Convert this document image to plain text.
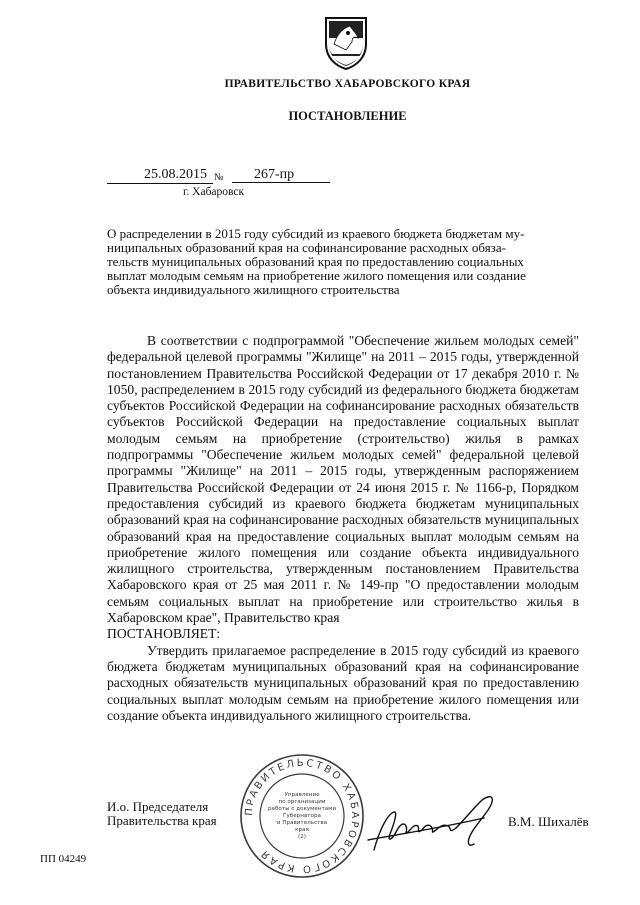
ПРАВИТЕЛЬСТВО ХАБАРОВСКОГО КРАЯ
ПОСТАНОВЛЕНИЕ
25.08.2015 №	267-пр
г. Хабаровск
О распределении в 2015 году субсидий из краевого бюджета бюджетам му-
ниципальных образований края на софинансирование расходных обяза-
тельств муниципальных образований края по предоставлению социальных
выплат молодым семьям на приобретение жилого помещения или создание
объекта индивидуального жилищного строительства

В соответствии с подпрограммой "Обеспечение жильем молодых семей" федеральной целевой программы "Жилище" на 2011 – 2015 годы, утвержденной постановлением Правительства Российской Федерации от 17 декабря 2010 г. № 1050, распределением в 2015 году субсидий из федерального бюджета бюджетам субъектов Российской Федерации на софинансирование расходных обязательств субъектов Российской Федерации на предоставление социальных выплат молодым семьям на приобретение (строительство) жилья в рамках подпрограммы "Обеспечение жильем молодых семей" федеральной целевой программы "Жилище" на 2011 – 2015 годы, утвержденным распоряжением Правительства Российской Федерации от 24 июня 2015 г. № 1166-р, Порядком предоставления субсидий из краевого бюджета бюджетам муниципальных образований края на софинансирование расходных обязательств муниципальных образований края на предоставление социальных выплат молодым семьям на приобретение жилого помещения или создание объекта индивидуального жилищного строительства, утвержденным постановлением Правительства Хабаровского края от 25 мая 2011 г. № 149-пр "О предоставлении молодым семьям социальных выплат на приобретение или строительство жилья в Хабаровском крае", Правительство края

ПОСТАНОВЛЯЕТ:

Утвердить прилагаемое распределение в 2015 году субсидий из краевого бюджета бюджетам муниципальных образований края на софинансирование расходных обязательств муниципальных образований края по предоставлению социальных выплат молодым семьям на приобретение жилого помещения или создание объекта индивидуального жилищного строительства.

И.о. Председателя
Правительства края
ПРАВИТЕЛЬСТВО ХАБАРОВСКОГО КРАЯ
Управление
по организации
работы с документами
Губернатора
и Правительства
края
(2)
В.М. Шихалёв
ПП 04249
